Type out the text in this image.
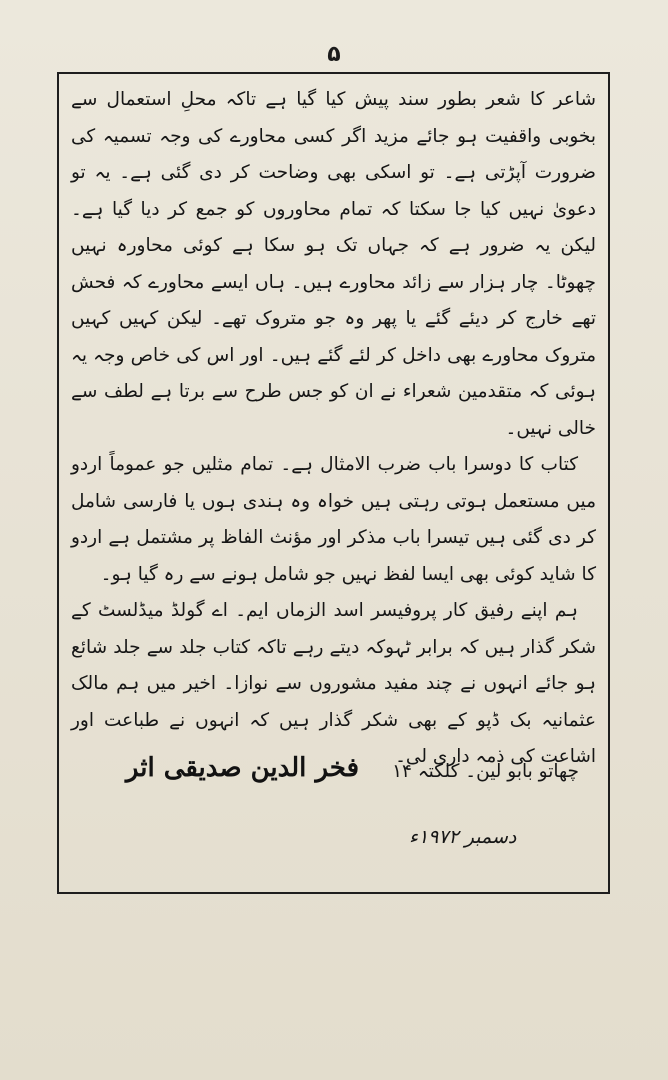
۵

شاعر کا شعر بطور سند پیش کیا گیا ہے تاکہ محلِ استعمال سے بخوبی واقفیت ہو جائے مزید اگر کسی محاورے کی وجہ تسمیہ کی ضرورت آپڑتی ہے۔ تو اسکی بھی وضاحت کر دی گئی ہے۔ یہ تو دعویٰ نہیں کیا جا سکتا کہ تمام محاوروں کو جمع کر دیا گیا ہے۔ لیکن یہ ضرور ہے کہ جہاں تک ہو سکا ہے کوئی محاورہ نہیں چھوٹا۔ چار ہزار سے زائد محاورے ہیں۔ ہاں ایسے محاورے کہ فحش تھے خارج کر دیئے گئے یا پھر وہ جو متروک تھے۔ لیکن کہیں کہیں متروک محاورے بھی داخل کر لئے گئے ہیں۔ اور اس کی خاص وجہ یہ ہوئی کہ متقدمین شعراء نے ان کو جس طرح سے برتا ہے لطف سے خالی نہیں۔

کتاب کا دوسرا باب ضرب الامثال ہے۔ تمام مثلیں جو عموماً اردو میں مستعمل ہوتی رہتی ہیں خواہ وہ ہندی ہوں یا فارسی شامل کر دی گئی ہیں تیسرا باب مذکر اور مؤنث الفاظ پر مشتمل ہے اردو کا شاید کوئی بھی ایسا لفظ نہیں جو شامل ہونے سے رہ گیا ہو۔

ہم اپنے رفیق کار پروفیسر اسد الزماں ایم۔ اے گولڈ میڈلسٹ کے شکر گذار ہیں کہ برابر ٹہوکہ دیتے رہے تاکہ کتاب جلد سے جلد شائع ہو جائے انہوں نے چند مفید مشوروں سے نوازا۔ اخیر میں ہم مالک عثمانیہ بک ڈپو کے بھی شکر گذار ہیں کہ انہوں نے طباعت اور اشاعت کی ذمہ داری لی۔

چھاتو بابو لین۔ کلکتہ ۱۴
فخر الدین صدیقی اثر
دسمبر ۱۹۷۲ء
